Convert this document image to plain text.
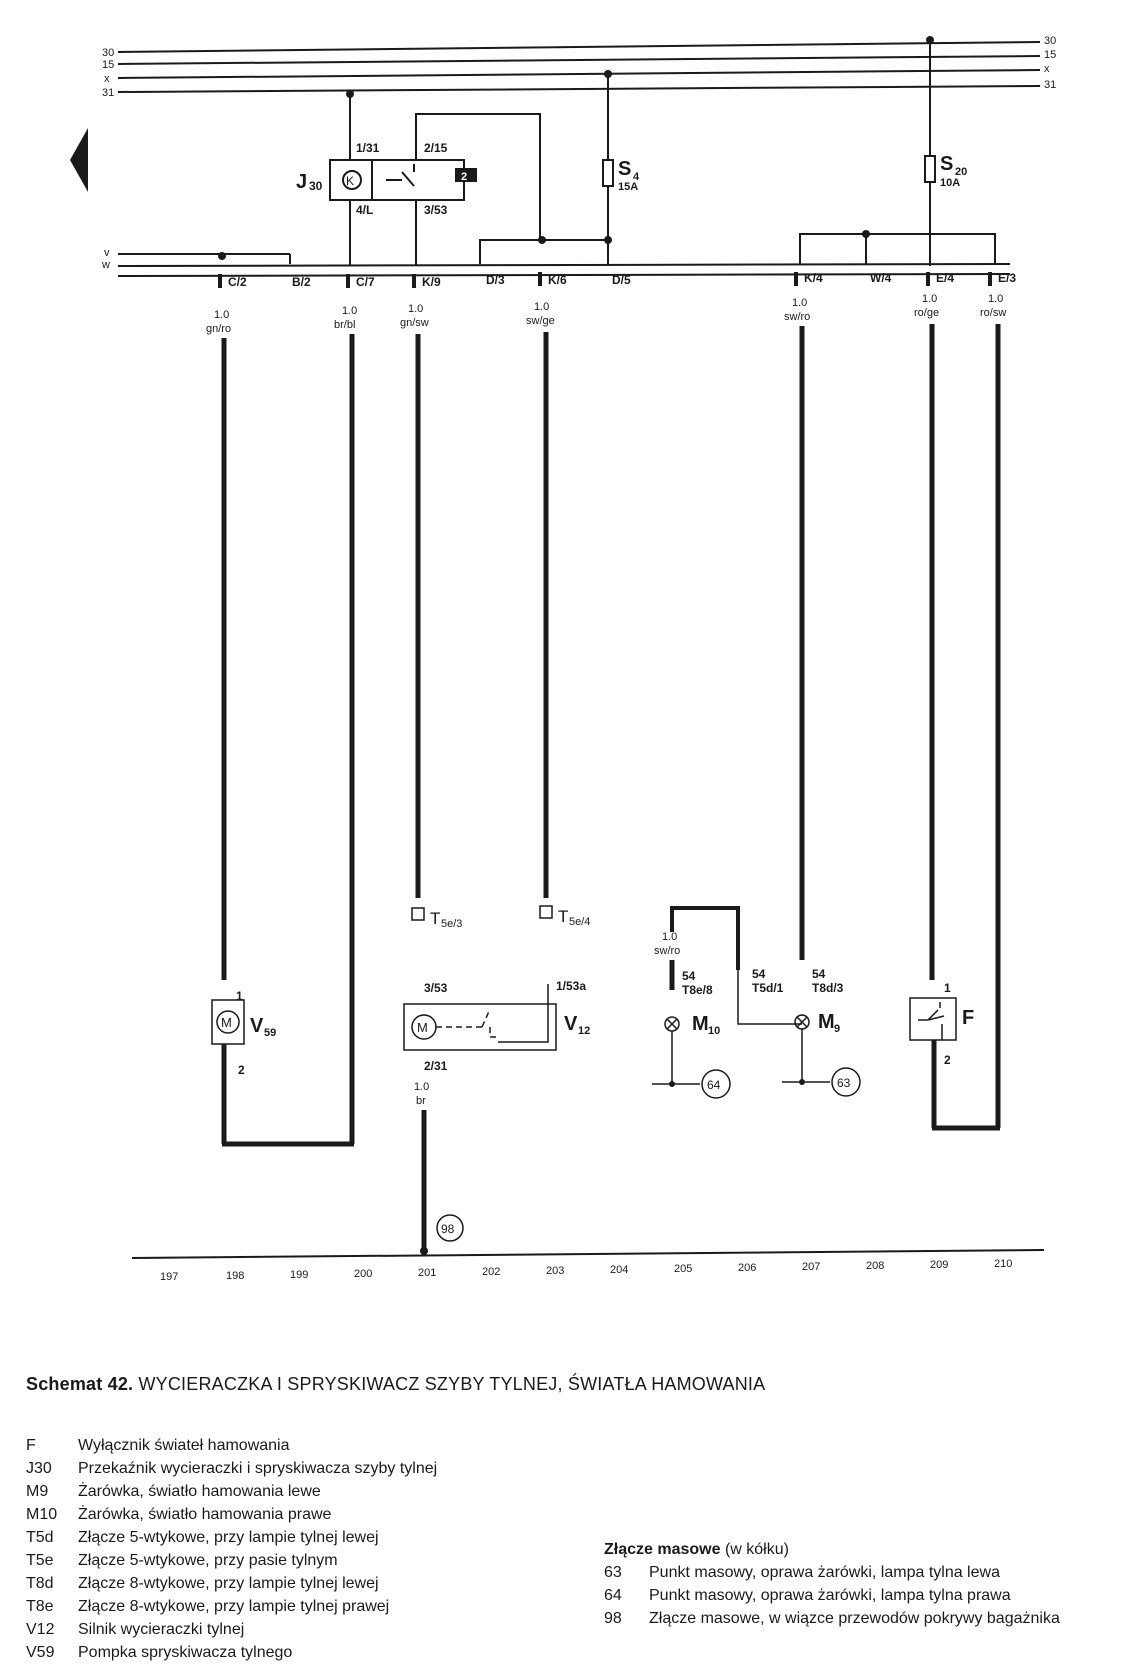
30
15
x
31
30
15
x
31
v
w
K	2
J 30
1/31	2/15
4/L	3/53
S 4
15A
S 20
10A
C/2	B/2	C/7	K/9	D/3	K/6	D/5	K/4	W/4	E/4	E/3
1.0
gn/ro
1.0
br/bl
1.0
gn/sw
1.0
sw/ge
1.0
sw/ro
1.0
ro/ge
1.0
ro/sw
T 5e/3	T 5e/4
M V 59
1
2
M	V 12
3/53	1/53a
2/31
1.0
br
1.0
sw/ro
54
T8e/8
M 10
64
54
T5d/1
54
T8d/3
M 9
63
F
1
2
98
197	198	199	200	201	202	203	204	205	206	207	208	209	210
Schemat 42. WYCIERACZKA I SPRYSKIWACZ SZYBY TYLNEJ, ŚWIATŁA HAMOWANIA
F	Wyłącznik świateł hamowania
J30	Przekaźnik wycieraczki i spryskiwacza szyby tylnej
M9	Żarówka, światło hamowania lewe
M10	Żarówka, światło hamowania prawe
T5d	Złącze 5-wtykowe, przy lampie tylnej lewej
T5e	Złącze 5-wtykowe, przy pasie tylnym
T8d	Złącze 8-wtykowe, przy lampie tylnej lewej
T8e	Złącze 8-wtykowe, przy lampie tylnej prawej
V12	Silnik wycieraczki tylnej
V59	Pompka spryskiwacza tylnego
Złącze masowe (w kółku)
63	Punkt masowy, oprawa żarówki, lampa tylna lewa
64	Punkt masowy, oprawa żarówki, lampa tylna prawa
98	Złącze masowe, w wiązce przewodów pokrywy bagażnika
